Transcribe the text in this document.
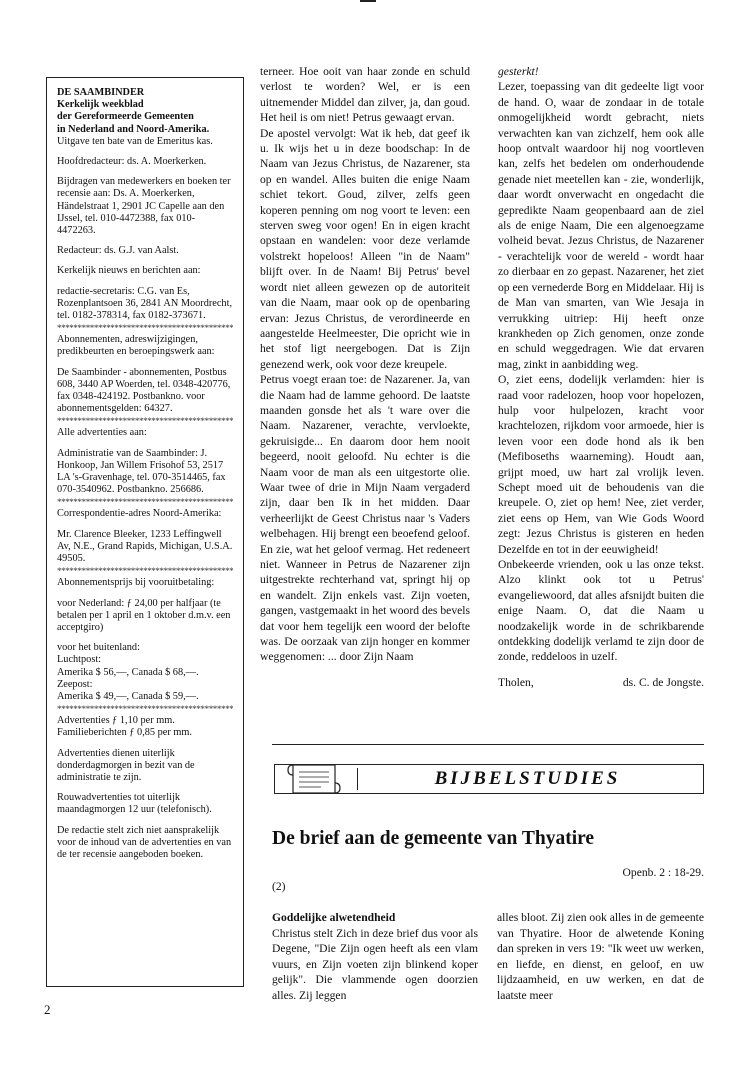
DE SAAMBINDER

Kerkelijk weekblad

der Gereformeerde Gemeenten

in Nederland and Noord-Amerika.

Uitgave ten bate van de Emeritus kas.

Hoofdredacteur: ds. A. Moerkerken.

Bijdragen van medewerkers en boeken ter recensie aan: Ds. A. Moerkerken, Händelstraat 1, 2901 JC Capelle aan den IJssel, tel. 010-4472388, fax 010-4472263.

Redacteur: ds. G.J. van Aalst.

Kerkelijk nieuws en berichten aan:

redactie-secretaris: C.G. van Es, Rozenplantsoen 36, 2841 AN Moordrecht, tel. 0182-378314, fax 0182-373671.

*****

Abonnementen, adreswijzigingen, predikbeurten en beroepingswerk aan:

De Saambinder - abonnementen, Postbus 608, 3440 AP Woerden, tel. 0348-420776, fax 0348-424192. Postbankno. voor abonnementsgelden: 64327.

*****

Alle advertenties aan:

Administratie van de Saambinder: J. Honkoop, Jan Willem Frisohof 53, 2517 LA 's-Gravenhage, tel. 070-3514465, fax 070-3540962. Postbankno. 256686.

*****

Correspondentie-adres Noord-Amerika:

Mr. Clarence Bleeker, 1233 Leffingwell Av, N.E., Grand Rapids, Michigan, U.S.A. 49505.

*****

Abonnementsprijs bij vooruitbetaling:

voor Nederland: ƒ 24,00 per halfjaar (te betalen per 1 april en 1 oktober d.m.v. een acceptgiro)

voor het buitenland:

Luchtpost:

Amerika $ 56,—, Canada $ 68,—.

Zeepost:

Amerika $ 49,—, Canada $ 59,—.

*****

Advertenties ƒ 1,10 per mm. Familieberichten ƒ 0,85 per mm.

Advertenties dienen uiterlijk donderdagmorgen in bezit van de administratie te zijn.

Rouwadvertenties tot uiterlijk maandagmorgen 12 uur (telefonisch).

De redactie stelt zich niet aansprakelijk voor de inhoud van de advertenties en van de ter recensie aangeboden boeken.

terneer. Hoe ooit van haar zonde en schuld verlost te worden? Wel, er is een uitnemender Middel dan zilver, ja, dan goud. Het heil is om niet! Petrus gewaagt ervan.

De apostel vervolgt: Wat ik heb, dat geef ik u. Ik wijs het u in deze boodschap: In de Naam van Jezus Christus, de Nazarener, sta op en wandel. Alles buiten die enige Naam schiet tekort. Goud, zilver, zelfs geen koperen penning om nog voort te leven: een sterven sweg voor ogen! En in eigen kracht opstaan en wandelen: voor deze verlamde volstrekt hopeloos! Alleen "in de Naam" blijft over. In de Naam! Bij Petrus' bevel wordt niet alleen gewezen op de autoriteit van die Naam, maar ook op de openbaring ervan: Jezus Christus, de verordineerde en aangestelde Heelmeester, Die opricht wie in het stof ligt neergebogen. Dat is Zijn genezend werk, ook voor deze kreupele.

Petrus voegt eraan toe: de Nazarener. Ja, van die Naam had de lamme gehoord. De laatste maanden gonsde het als 't ware over die Naam. Nazarener, verachte, vervloekte, gekruisigde... En daarom door hem nooit begeerd, nooit geloofd. Nu echter is die Naam voor de man als een uitgestorte olie. Waar twee of drie in Mijn Naam vergaderd zijn, daar ben Ik in het midden. Daar verheerlijkt de Geest Christus naar 's Vaders welbehagen. Hij brengt een beoefend geloof. En zie, wat het geloof vermag. Het redeneert niet. Wanneer in Petrus de Nazarener zijn uitgestrekte rechterhand vat, springt hij op en wandelt. Zijn enkels vast. Zijn voeten, gangen, vastgemaakt in het woord des bevels dat voor hem tegelijk een woord der belofte was. De oorzaak van zijn honger en kommer weggenomen: ... door Zijn Naam

gesterkt!

Lezer, toepassing van dit gedeelte ligt voor de hand. O, waar de zondaar in de totale onmogelijkheid wordt gebracht, niets verwachten kan van zichzelf, hem ook alle hoop ontvalt waardoor hij nog voortleven kan, zelfs het bedelen om onderhoudende genade niet meetellen kan - zie, wonderlijk, daar wordt onverwacht en ongedacht die gepredikte Naam geopenbaard aan de ziel als de enige Naam, Die een algenoegzame volheid bevat. Jezus Christus, de Nazarener - verachtelijk voor de wereld - wordt haar zo dierbaar en zo gepast. Nazarener, het ziet op een vernederde Borg en Middelaar. Hij is de Man van smarten, van Wie Jesaja in verrukking uitriep: Hij heeft onze krankheden op Zich genomen, onze zonde en schuld weggedragen. Wie dat ervaren mag, zinkt in aanbidding weg.

O, ziet eens, dodelijk verlamden: hier is raad voor radelozen, hoop voor hopelozen, hulp voor hulpelozen, kracht voor krachtelozen, rijkdom voor armoede, hier is leven voor een dode hond als ik ben (Mefiboseths waarneming). Houdt aan, grijpt moed, uw hart zal vrolijk leven. Schept moed uit de behoudenis van die kreupele. O, ziet op hem! Nee, ziet verder, ziet eens op Hem, van Wie Gods Woord zegt: Jezus Christus is gisteren en heden Dezelfde en tot in der eeuwigheid!

Onbekeerde vrienden, ook u las onze tekst. Alzo klinkt ook tot u Petrus' evangeliewoord, dat alles afsnijdt buiten die enige Naam. O, dat die Naam u noodzakelijk worde in de schrikbarende ontdekking dodelijk verlamd te zijn door de zonde, reddeloos in uzelf.

Tholen,	ds. C. de Jongste.

BIJBELSTUDIES
De brief aan de gemeente van Thyatire
Openb. 2 : 18-29.
(2)
Goddelijke alwetendheid
Christus stelt Zich in deze brief dus voor als Degene, "Die Zijn ogen heeft als een vlam vuurs, en Zijn voeten zijn blinkend koper gelijk". Die vlammende ogen doorzien alles. Zij leggen
alles bloot. Zij zien ook alles in de gemeente van Thyatire. Hoor de alwetende Koning dan spreken in vers 19: "Ik weet uw werken, en liefde, en dienst, en geloof, en uw lijdzaamheid, en uw werken, en dat de laatste meer
2
